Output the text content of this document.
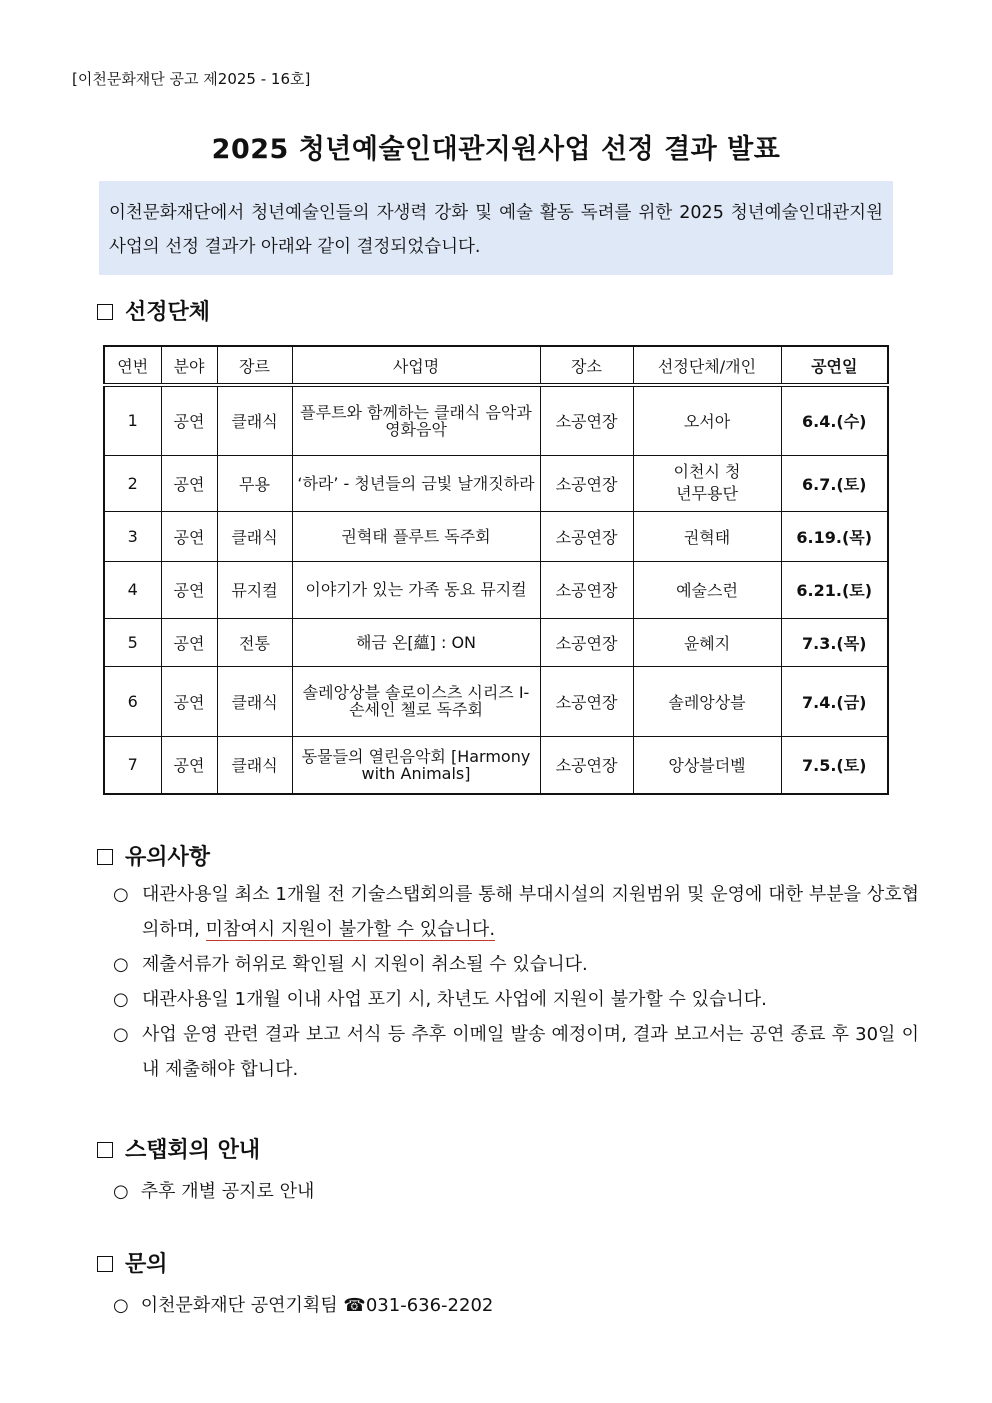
[이천문화재단 공고 제2025 - 16호]
2025 청년예술인대관지원사업 선정 결과 발표
이천문화재단에서 청년예술인들의 자생력 강화 및 예술 활동 독려를 위한 2025 청년예술인대관지원사업의 선정 결과가 아래와 같이 결정되었습니다.
선정단체
연번	분야	장르	사업명	장소	선정단체/개인	공연일
1	공연	클래식	플루트와 함께하는 클래식 음악과 영화음악	소공연장	오서아	6.4.(수)
2	공연	무용	‘하라’ - 청년들의 금빛 날개짓하라	소공연장	이천시 청년무용단	6.7.(토)
3	공연	클래식	권혁태 플루트 독주회	소공연장	권혁태	6.19.(목)
4	공연	뮤지컬	이야기가 있는 가족 동요 뮤지컬	소공연장	예술스런	6.21.(토)
5	공연	전통	해금 온[蘊] : ON	소공연장	윤혜지	7.3.(목)
6	공연	클래식	솔레앙상블 솔로이스츠 시리즈 Ⅰ- 손세인 첼로 독주회	소공연장	솔레앙상블	7.4.(금)
7	공연	클래식	동물들의 열린음악회 [Harmony with Animals]	소공연장	앙상블더벨	7.5.(토)
유의사항
○ 대관사용일 최소 1개월 전 기술스탭회의를 통해 부대시설의 지원범위 및 운영에 대한 부분을 상호협의하며, 미참여시 지원이 불가할 수 있습니다.
○ 제출서류가 허위로 확인될 시 지원이 취소될 수 있습니다.
○ 대관사용일 1개월 이내 사업 포기 시, 차년도 사업에 지원이 불가할 수 있습니다.
○ 사업 운영 관련 결과 보고 서식 등 추후 이메일 발송 예정이며, 결과 보고서는 공연 종료 후 30일 이내 제출해야 합니다.
스탭회의 안내
○ 추후 개별 공지로 안내
문의
○ 이천문화재단 공연기획팀 ☎031-636-2202
